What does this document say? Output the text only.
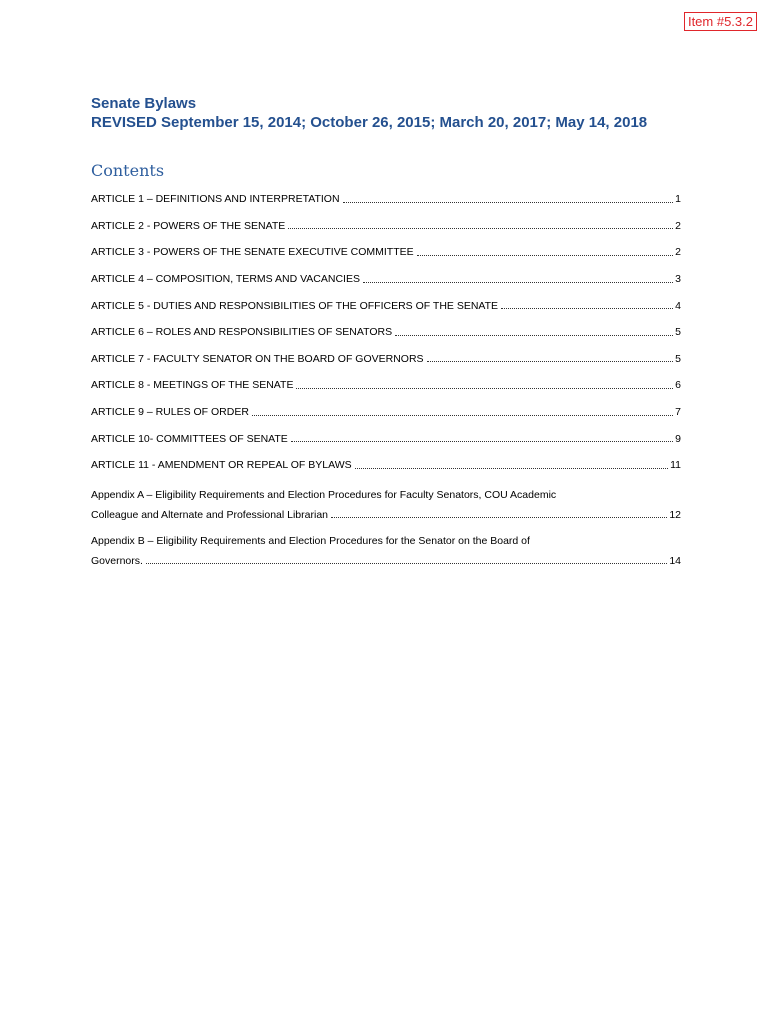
Item #5.3.2
Senate Bylaws
REVISED September 15, 2014; October 26, 2015; March 20, 2017; May 14, 2018
Contents
ARTICLE 1 – DEFINITIONS AND INTERPRETATION	1
ARTICLE 2 - POWERS OF THE SENATE	2
ARTICLE 3 - POWERS OF THE SENATE EXECUTIVE COMMITTEE	2
ARTICLE 4 – COMPOSITION, TERMS AND VACANCIES	3
ARTICLE 5 - DUTIES AND RESPONSIBILITIES OF THE OFFICERS OF THE SENATE	4
ARTICLE 6 – ROLES AND RESPONSIBILITIES OF SENATORS	5
ARTICLE 7 - FACULTY SENATOR ON THE BOARD OF GOVERNORS	5
ARTICLE 8 - MEETINGS OF THE SENATE	6
ARTICLE 9 – RULES OF ORDER	7
ARTICLE 10- COMMITTEES OF SENATE	9
ARTICLE 11 - AMENDMENT OR REPEAL OF BYLAWS	11
Appendix A – Eligibility Requirements and Election Procedures for Faculty Senators, COU Academic
Colleague and Alternate and Professional Librarian	12
Appendix B – Eligibility Requirements and Election Procedures for the Senator on the Board of
Governors.	14
